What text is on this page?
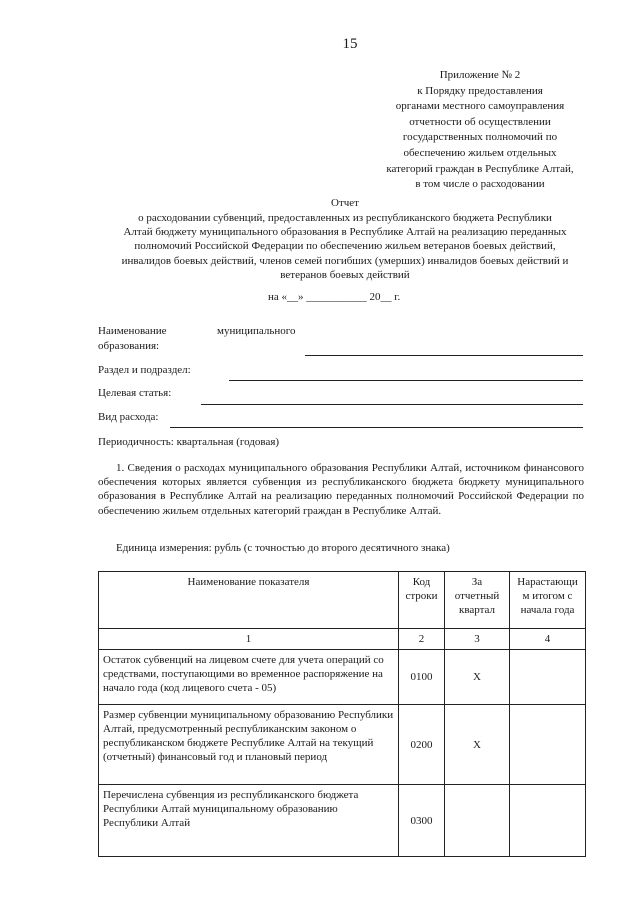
15
Приложение № 2
к Порядку предоставления
органами местного самоуправления
отчетности об осуществлении
государственных полномочий по
обеспечению жильем отдельных
категорий граждан в Республике Алтай,
в том числе о расходовании
Отчет
о расходовании субвенций, предоставленных из республиканского бюджета Республики
Алтай бюджету муниципального образования в Республике Алтай на реализацию переданных
полномочий Российской Федерации по обеспечению жильем ветеранов боевых действий,
инвалидов боевых действий, членов семей погибших (умерших) инвалидов боевых действий и
ветеранов боевых действий
на «__» ___________ 20__ г.
Наименование	муниципального
образования:
Раздел и подраздел:
Целевая статья:
Вид расхода:
Периодичность: квартальная (годовая)
1. Сведения о расходах муниципального образования Республики Алтай, источником финансового обеспечения которых является субвенция из республиканского бюджета бюджету муниципального образования в Республике Алтай на реализацию переданных полномочий Российской Федерации по обеспечению жильем отдельных категорий граждан в Республике Алтай.
Единица измерения: рубль (с точностью до второго десятичного знака)
Наименование показателя	Код строки	За отчетный квартал	Нарастающи м итогом с начала года
1	2	3	4
Остаток субвенций на лицевом счете для учета операций со средствами, поступающими во временное распоряжение на начало года (код лицевого счета - 05)	0100	X	
Размер субвенции муниципальному образованию Республики Алтай, предусмотренный республиканским законом о республиканском бюджете Республике Алтай на текущий (отчетный) финансовый год и плановый период	0200	X	
Перечислена субвенция из республиканского бюджета Республики Алтай муниципальному образованию Республики Алтай	0300		
